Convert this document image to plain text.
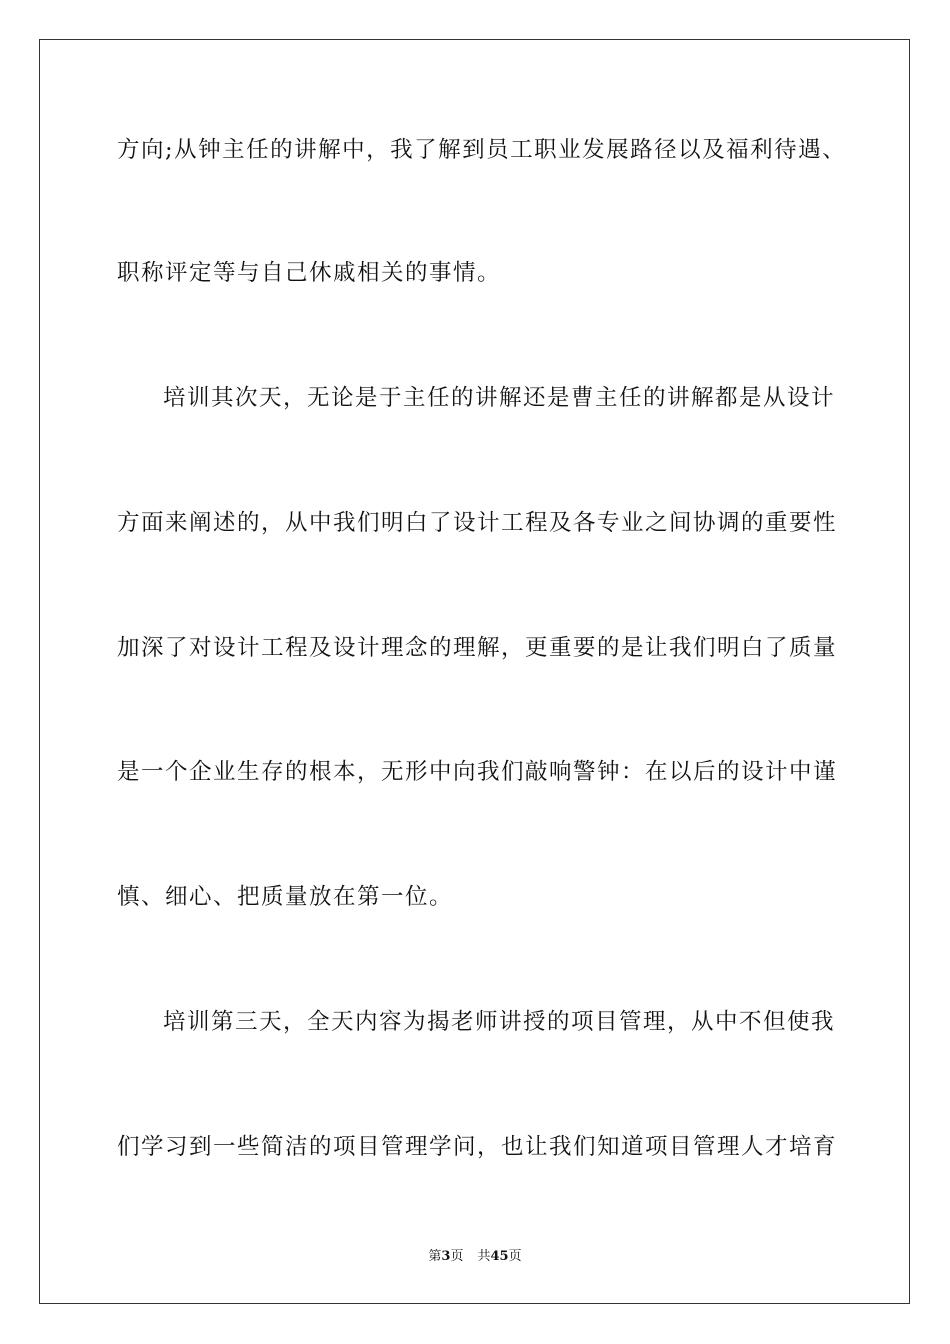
方向;从钟主任的讲解中，我了解到员工职业发展路径以及福利待遇、
职称评定等与自己休戚相关的事情。
培训其次天，无论是于主任的讲解还是曹主任的讲解都是从设计
方面来阐述的，从中我们明白了设计工程及各专业之间协调的重要性
加深了对设计工程及设计理念的理解，更重要的是让我们明白了质量
是一个企业生存的根本，无形中向我们敲响警钟：在以后的设计中谨
慎、细心、把质量放在第一位。
培训第三天，全天内容为揭老师讲授的项目管理，从中不但使我
们学习到一些简洁的项目管理学问，也让我们知道项目管理人才培育
第3页 共45页
